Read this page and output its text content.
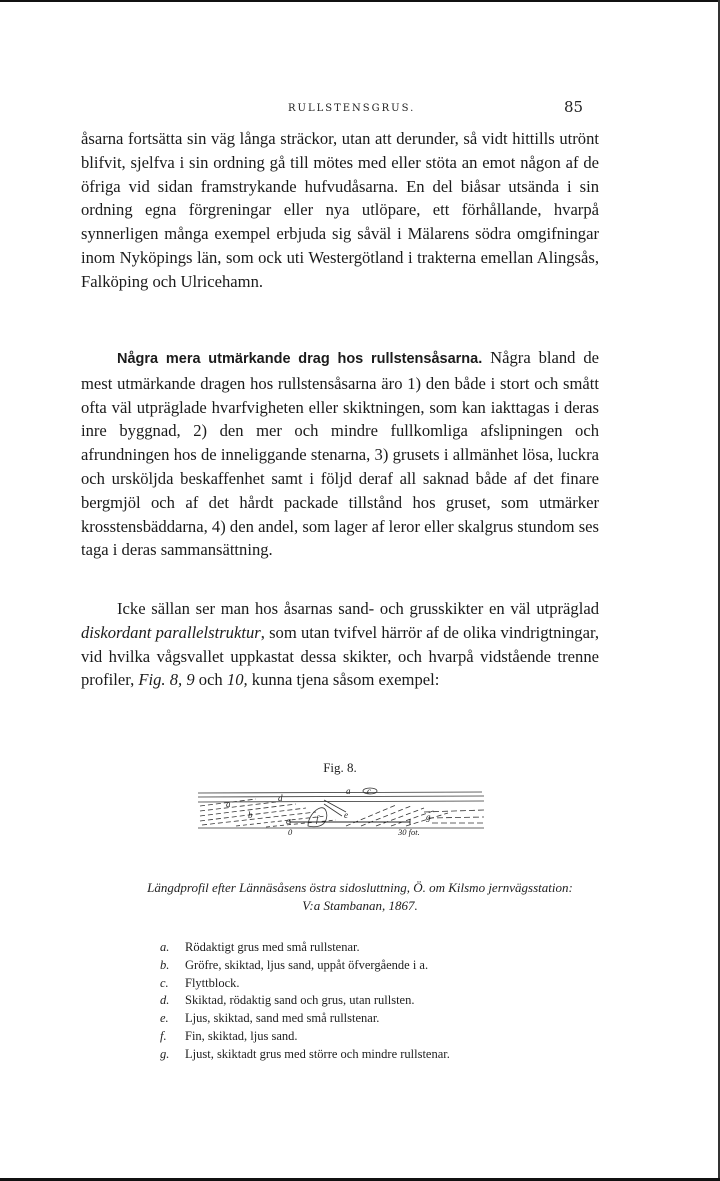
RULLSTENSGRUS.	85

åsarna fortsätta sin väg långa sträckor, utan att derunder, så vidt hittills utrönt blifvit, sjelfva i sin ordning gå till mötes med eller stöta an emot någon af de öfriga vid sidan framstrykande hufvudåsarna. En del biåsar utsända i sin ordning egna förgreningar eller nya utlöpare, ett förhållande, hvarpå synnerligen många exempel erbjuda sig såväl i Mälarens södra omgifningar inom Nyköpings län, som ock uti Westergötland i trakterna emellan Alingsås, Falköping och Ulricehamn.

Några mera utmärkande drag hos rullstensåsarna. Några bland de mest utmärkande dragen hos rullstensåsarna äro 1) den både i stort och smått ofta väl utpräglade hvarfvigheten eller skiktningen, som kan iakttagas i deras inre byggnad, 2) den mer och mindre fullkomliga afslipningen och afrundningen hos de inneliggande stenarna, 3) grusets i allmänhet lösa, luckra och ursköljda beskaffenhet samt i följd deraf all saknad både af det finare bergmjöl och af det hårdt packade tillstånd hos gruset, som utmärker krosstensbäddarna, 4) den andel, som lager af leror eller skalgrus stundom ses taga i deras sammansättning.

Icke sällan ser man hos åsarnas sand- och grusskikter en väl utpräglad diskordant parallelstruktur, som utan tvifvel härrör af de olika vindrigtningar, vid hvilka vågsvallet uppkastat dessa skikter, och hvarpå vidstående trenne profiler, Fig. 8, 9 och 10, kunna tjena såsom exempel:

Fig. 8.
a
d
a c
b
e	f	e	g
0	30 fot.
Längdprofil efter Lännäsåsens östra sidosluttning, Ö. om Kilsmo jernvägsstation:
V:a Stambanan, 1867.
a.	Rödaktigt grus med små rullstenar.
b.	Gröfre, skiktad, ljus sand, uppåt öfvergående i a.
c.	Flyttblock.
d.	Skiktad, rödaktig sand och grus, utan rullsten.
e.	Ljus, skiktad, sand med små rullstenar.
f.	Fin, skiktad, ljus sand.
g.	Ljust, skiktadt grus med större och mindre rullstenar.
